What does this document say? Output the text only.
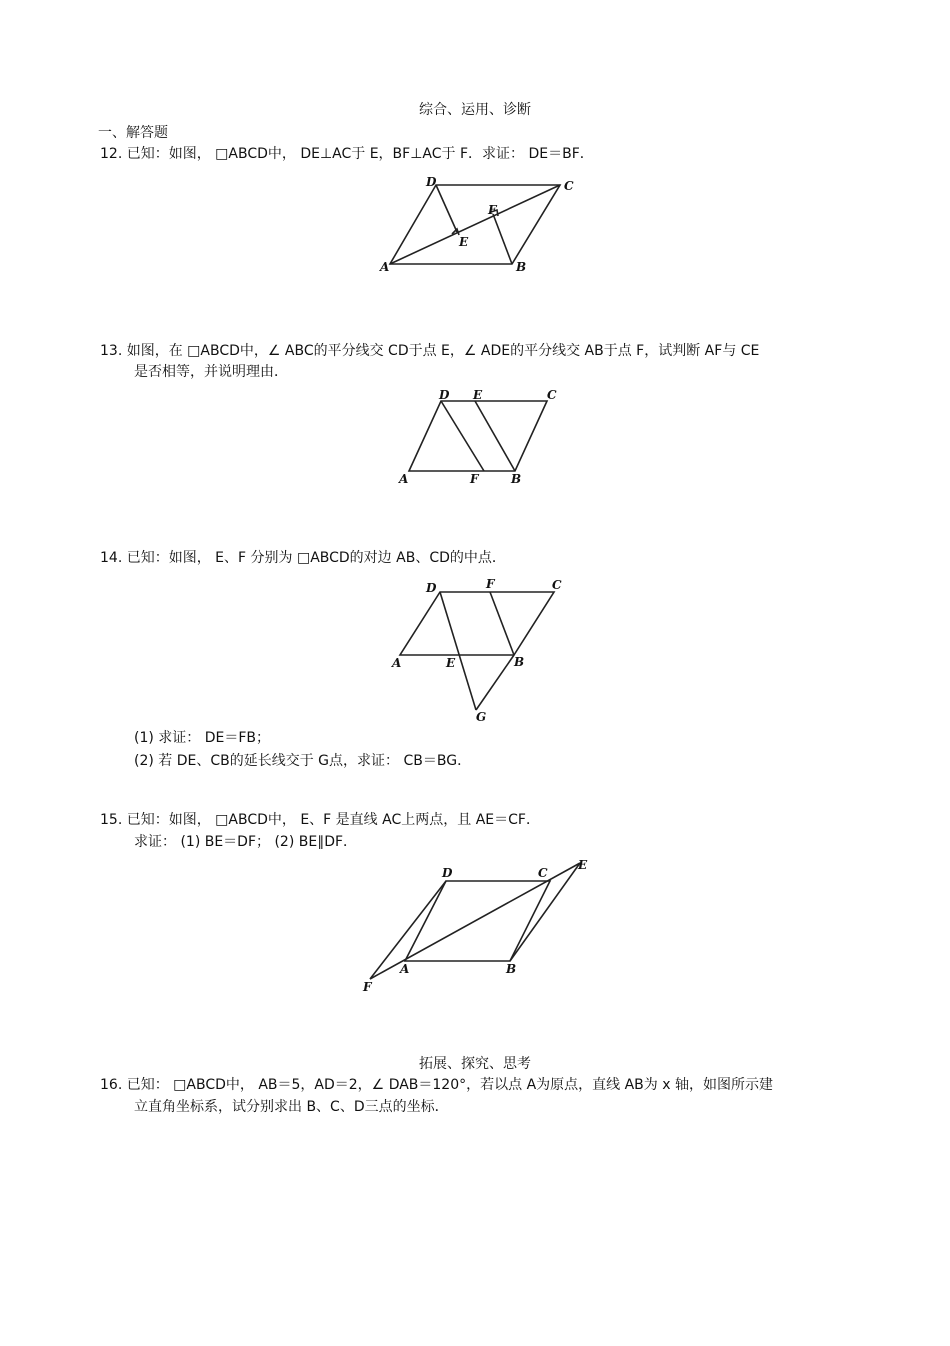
综合、运用、诊断
一、解答题
12. 已知：如图， □ABCD中， DE⊥AC于 E，BF⊥AC于 F．求证： DE＝BF．
D	C
F
E
A	B
13. 如图，在 □ABCD中，∠ ABC的平分线交 CD于点 E，∠ ADE的平分线交 AB于点 F，试判断 AF与 CE
是否相等，并说明理由．
D E	C
A	F	B
14. 已知：如图， E、F 分别为 □ABCD的对边 AB、CD的中点．
D	F	C
A	E	B
G
(1) 求证： DE＝FB；
(2) 若 DE、CB的延长线交于 G点，求证： CB＝BG．
15. 已知：如图， □ABCD中， E、F 是直线 AC上两点，且 AE＝CF．
求证： (1) BE＝DF； (2) BE∥DF．
D	C
E
A	B
F
拓展、探究、思考
16. 已知： □ABCD中， AB＝5，AD＝2，∠ DAB＝120°，若以点 A为原点，直线 AB为 x 轴，如图所示建
立直角坐标系，试分别求出 B、C、D三点的坐标．
